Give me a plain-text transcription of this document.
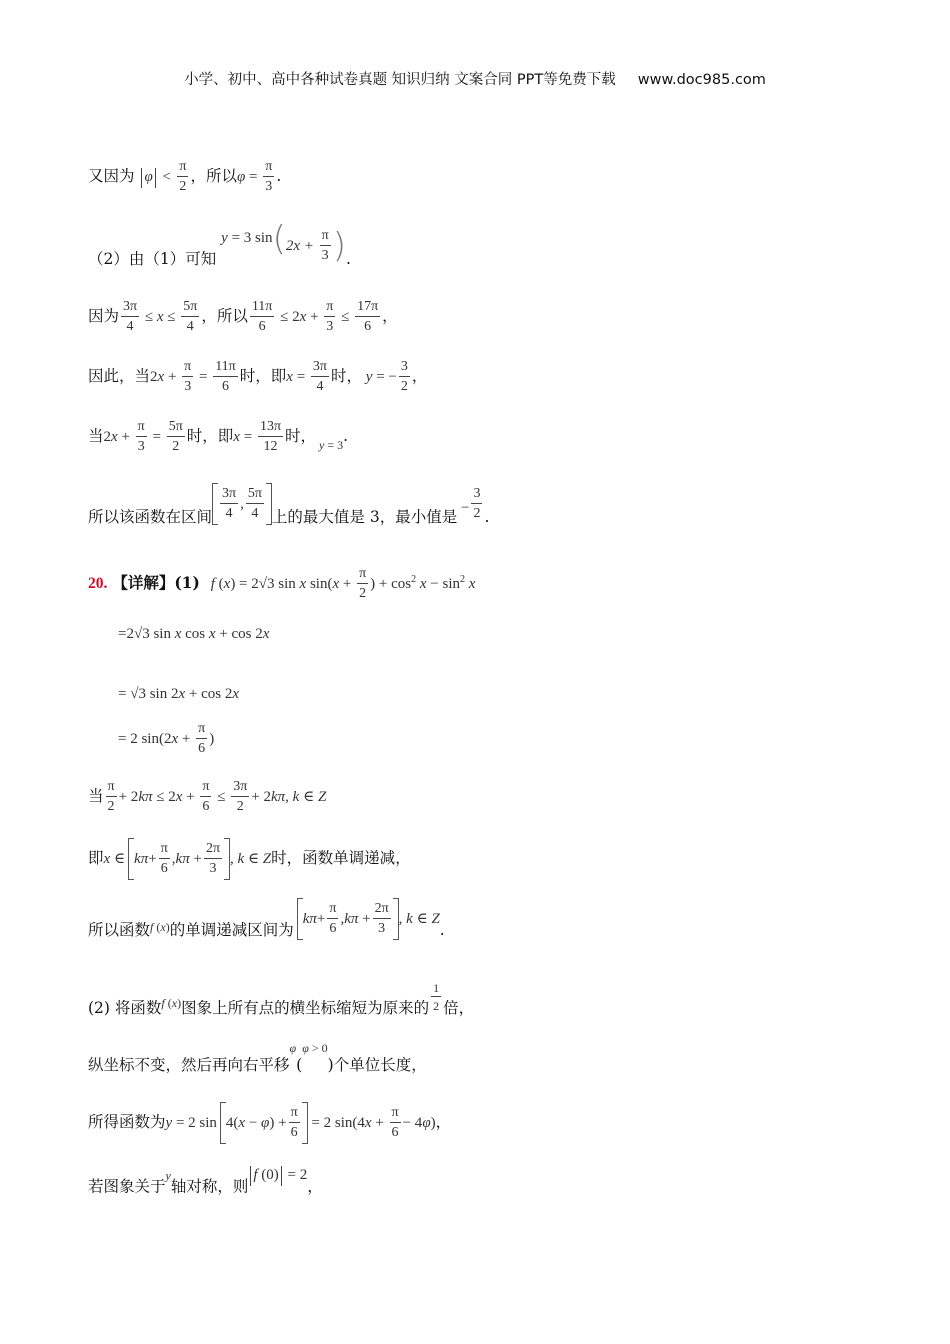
小学、初中、高中各种试卷真题 知识归纳 文案合同 PPT等免费下载 www.doc985.com
又因为 $\varphi < \frac{\pi}{2}$ ，所以$\varphi = \frac{\pi}{3}$ .
（2）由（1）可知 y = 3 $\sin(2x + \frac{\pi}{3}$ ).
因为 $\frac{3\pi}{4} \le x \le \frac{5\pi}{4}$ ，所以 $\frac{11\pi}{6} \le 2x + \frac{\pi}{3} \le \frac{17\pi}{6}$ ，
因此，当$2x + \frac{\pi}{3} = \frac{11\pi}{6}$ 时，即$x = \frac{3\pi}{4}$ 时， y = − $\frac{3}{2}$ ，
当$2x + \frac{\pi}{3} = \frac{5\pi}{2}$ 时，即$x = \frac{13\pi}{12}$ 时， $_{y = 3}$.
所以该函数在区间 $\frac{3\pi}{4}$ , $\frac{5\pi}{4}$ 上的最大值是 3，最小值是 − $\frac{3}{2}$ .
20. 【详解】(1) f (x) = 2√3 sin x $\sin(x + \frac{\pi}{2}$ ) + $\cos^2 x - \sin^2 x$
=2√3 sin x cos x + cos 2x
= √3 sin 2x + cos 2x
= 2 $\sin(2x + \frac{\pi}{6}$ )
当 $\frac{\pi}{2} + 2k\pi \le 2x + \frac{\pi}{6} \le \frac{3\pi}{2} + 2k\pi$, k ∈ Z
即x ∈ $k\pi+ \frac{\pi}{6} ,k\pi + \frac{2\pi}{3}$ , k ∈ Z时，函数单调递减，
所以函数$_{f (x)}$的单调递减区间为$k\pi+ \frac{\pi}{6} ,k\pi + \frac{2\pi}{3}$ , k ∈ Z.
(2) 将函数$_{f (x)}$图象上所有点的横坐标缩短为原来的 $\frac{1}{2}$ 倍，
纵坐标不变，然后再向右平移φ(φ > 0)个单位长度，
所得函数为y = 2 $\sin 4(x - \varphi) + \frac{\pi}{6} = 2$ $\sin(4x + \frac{\pi}{6} - 4\varphi)$，
若图象关于y轴对称，则f (0) = 2，
